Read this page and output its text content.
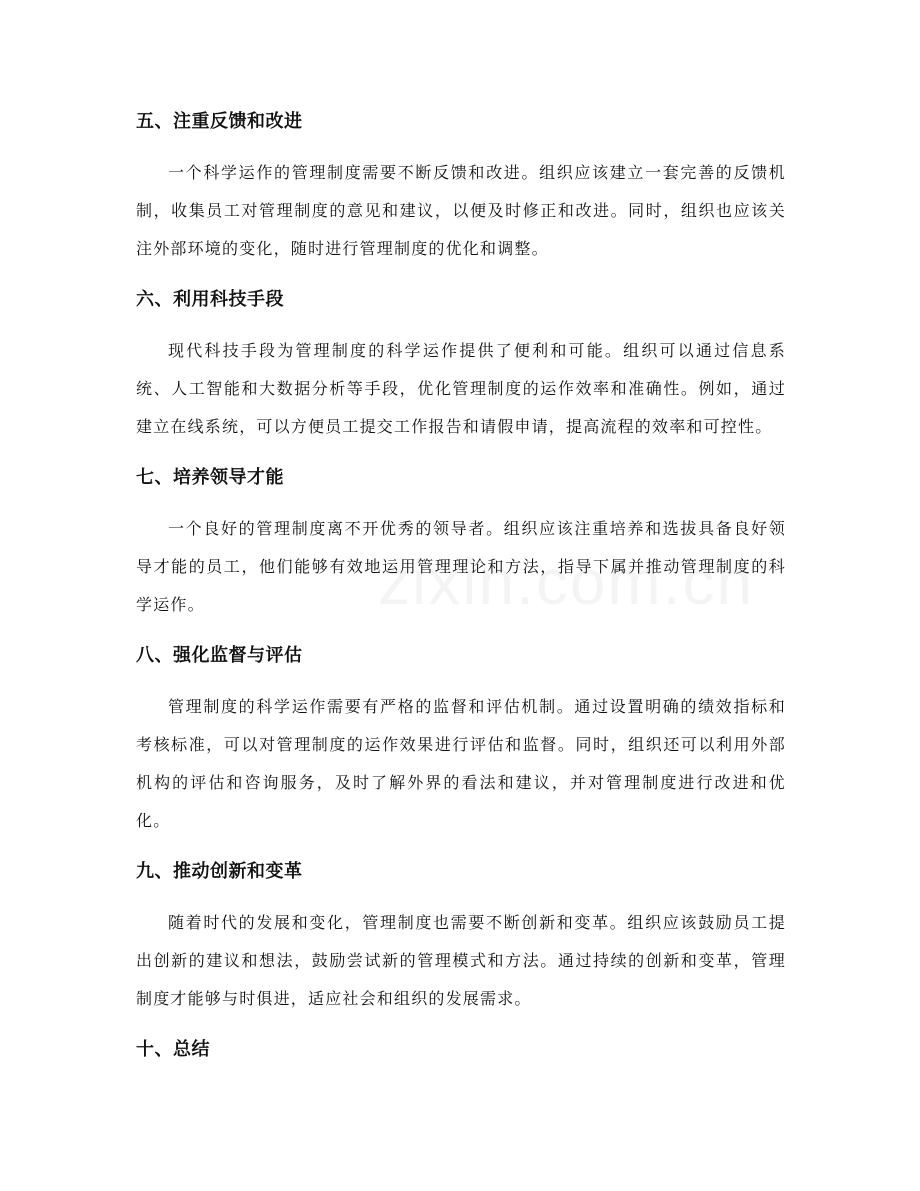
五、注重反馈和改进

一个科学运作的管理制度需要不断反馈和改进。组织应该建立一套完善的反馈机制，收集员工对管理制度的意见和建议，以便及时修正和改进。同时，组织也应该关注外部环境的变化，随时进行管理制度的优化和调整。

六、利用科技手段

现代科技手段为管理制度的科学运作提供了便利和可能。组织可以通过信息系统、人工智能和大数据分析等手段，优化管理制度的运作效率和准确性。例如，通过建立在线系统，可以方便员工提交工作报告和请假申请，提高流程的效率和可控性。

七、培养领导才能

一个良好的管理制度离不开优秀的领导者。组织应该注重培养和选拔具备良好领导才能的员工，他们能够有效地运用管理理论和方法，指导下属并推动管理制度的科学运作。

八、强化监督与评估

管理制度的科学运作需要有严格的监督和评估机制。通过设置明确的绩效指标和考核标准，可以对管理制度的运作效果进行评估和监督。同时，组织还可以利用外部机构的评估和咨询服务，及时了解外界的看法和建议，并对管理制度进行改进和优化。

九、推动创新和变革

随着时代的发展和变化，管理制度也需要不断创新和变革。组织应该鼓励员工提出创新的建议和想法，鼓励尝试新的管理模式和方法。通过持续的创新和变革，管理制度才能够与时俱进，适应社会和组织的发展需求。

十、总结
